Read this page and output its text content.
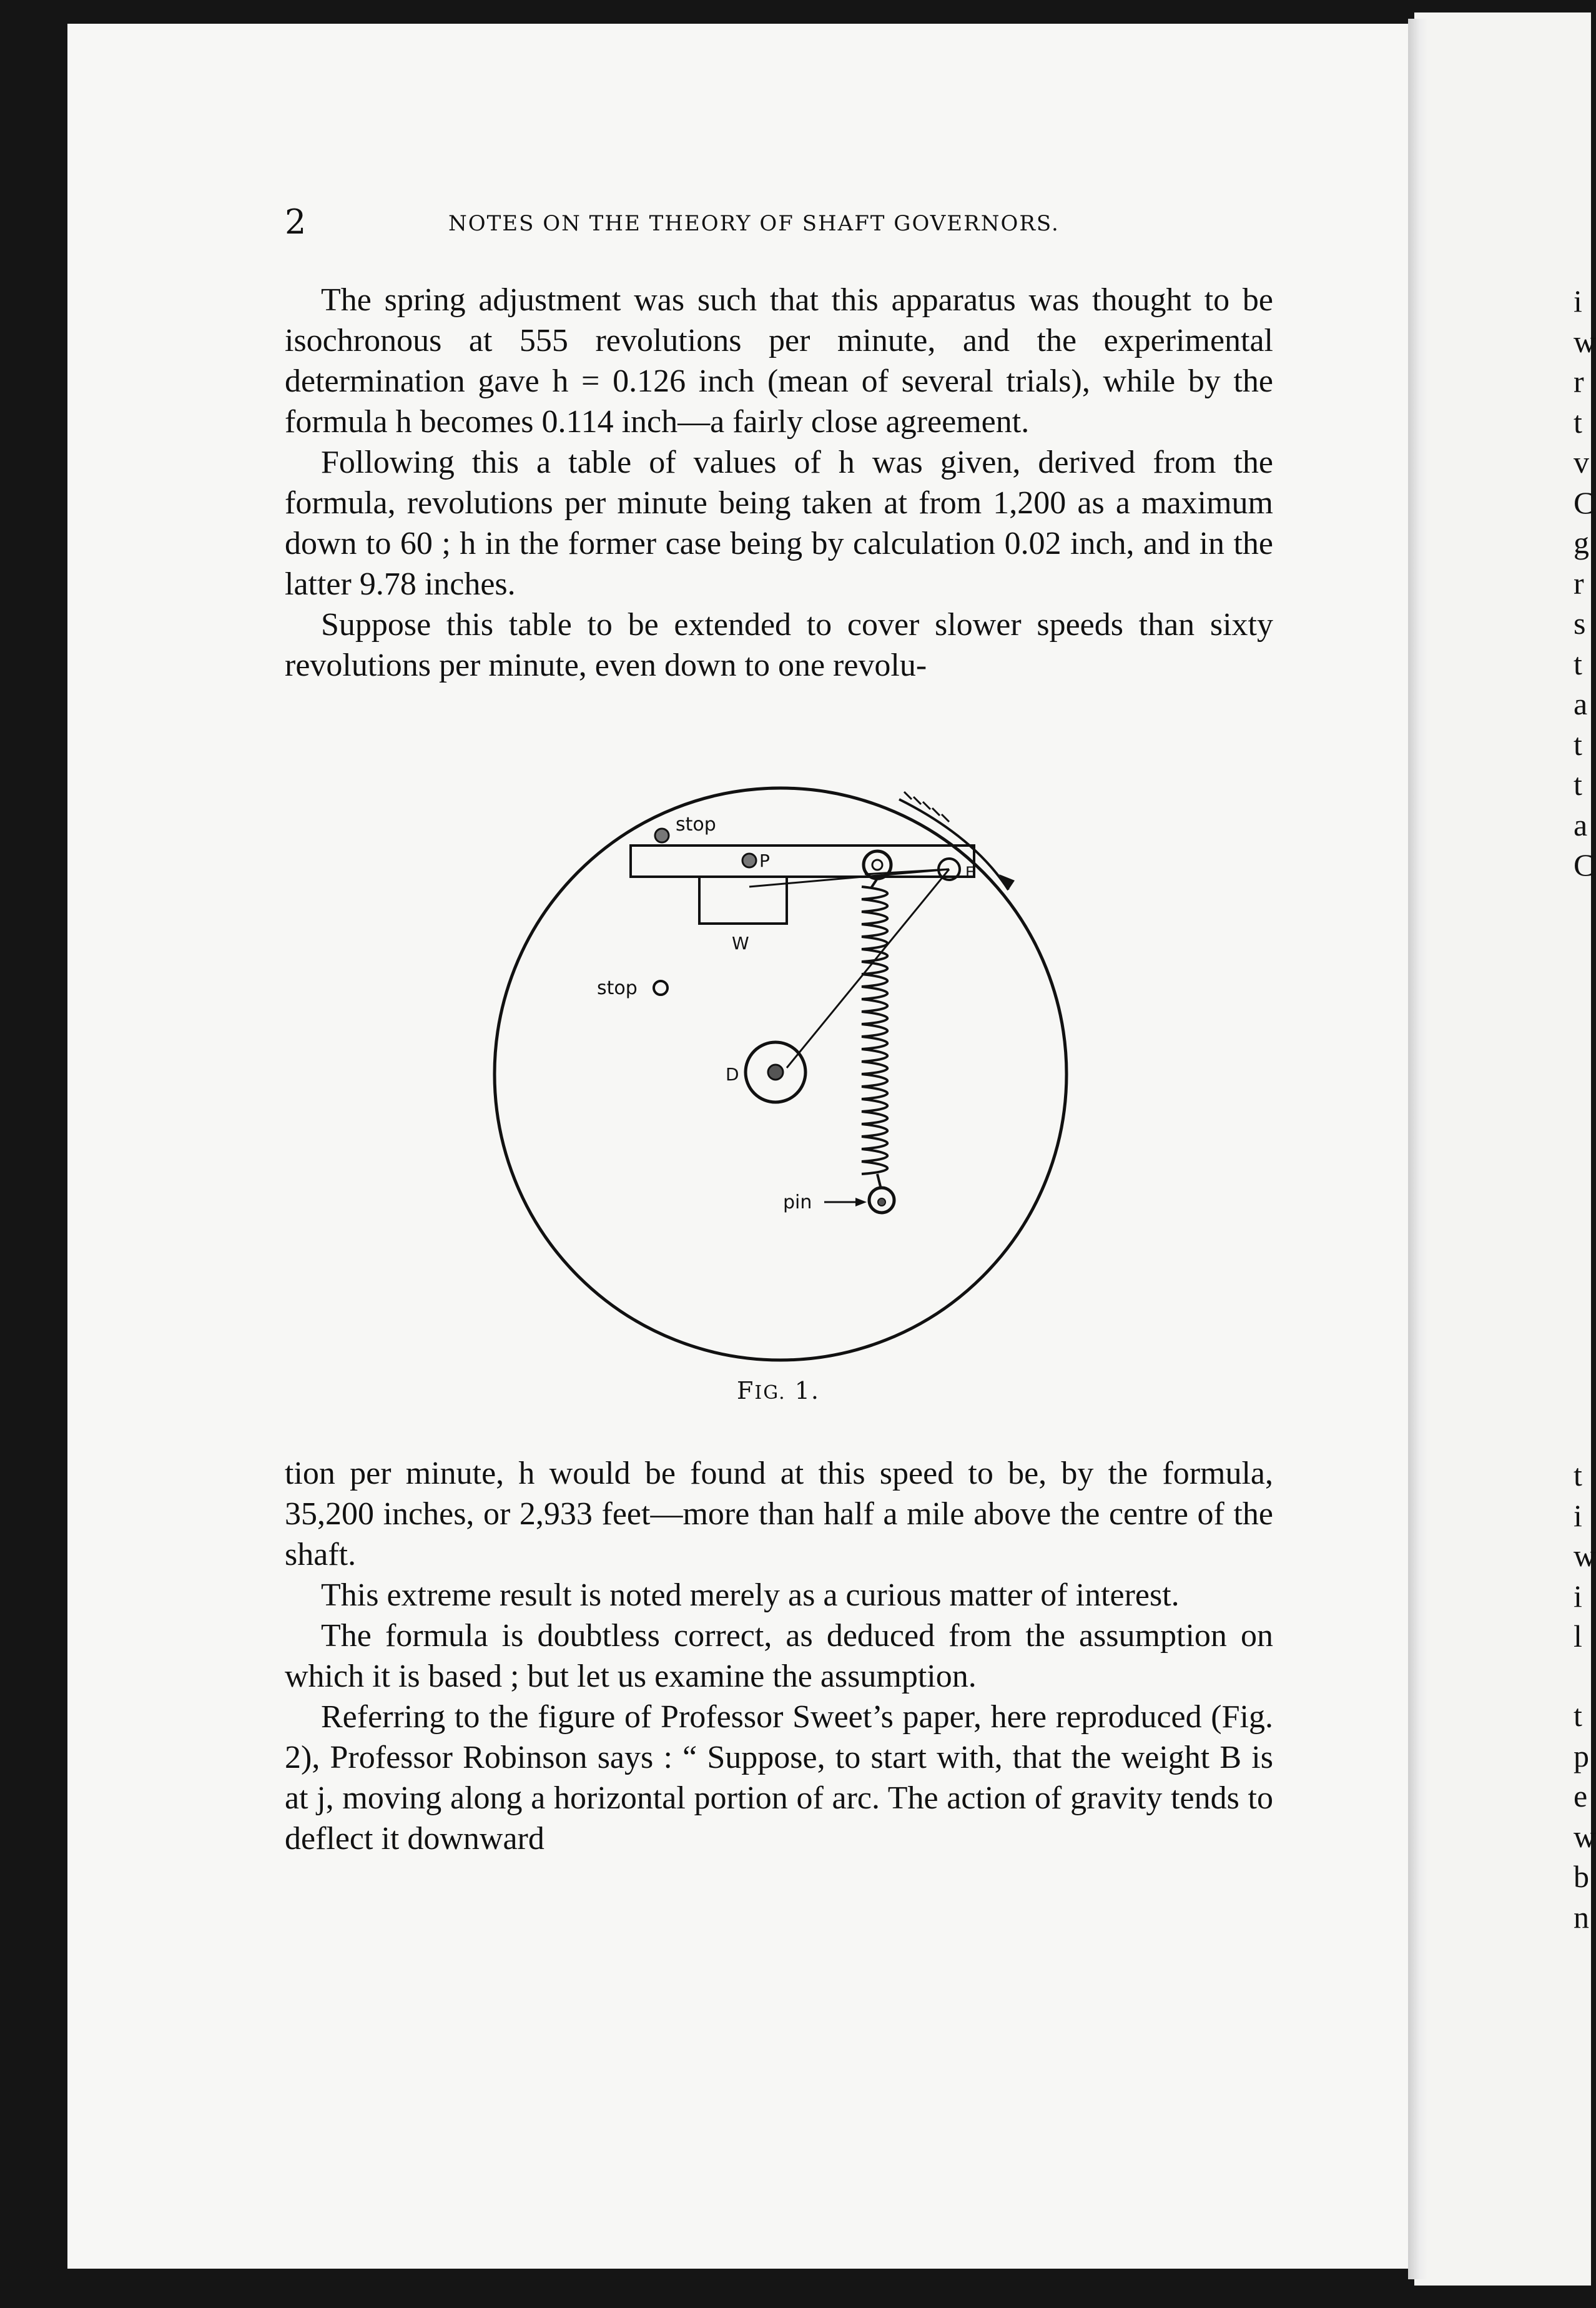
2	NOTES ON THE THEORY OF SHAFT GOVERNORS.

The spring adjustment was such that this apparatus was thought to be isochronous at 555 revolutions per minute, and the experimental determination gave h = 0.126 inch (mean of several trials), while by the formula h becomes 0.114 inch—a fairly close agreement.

Following this a table of values of h was given, derived from the formula, revolutions per minute being taken at from 1,200 as a maximum down to 60 ; h in the former case being by calculation 0.02 inch, and in the latter 9.78 inches.

Suppose this table to be extended to cover slower speeds than sixty revolutions per minute, even down to one revolu-

stop
P
W
E
stop
D
pin
FIG. 1.

tion per minute, h would be found at this speed to be, by the formula, 35,200 inches, or 2,933 feet—more than half a mile above the centre of the shaft.

This extreme result is noted merely as a curious matter of interest.

The formula is doubtless correct, as deduced from the assumption on which it is based ; but let us examine the assumption.

Referring to the figure of Professor Sweet’s paper, here reproduced (Fig. 2), Professor Robinson says : “ Suppose, to start with, that the weight B is at j, moving along a horizontal portion of arc. The action of gravity tends to deflect it downward

i
w
r
t
v
C
g
r
s
t
a
t
t
a
C
t
i
w
i
l
t
p
e
w
b
n
